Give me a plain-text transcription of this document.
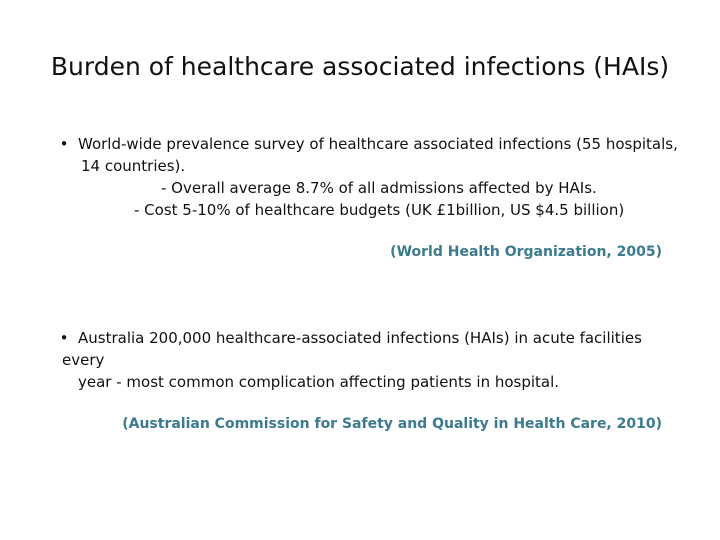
Burden of healthcare associated infections (HAIs)
• World-wide prevalence survey of healthcare associated infections (55 hospitals,
14 countries).
- Overall average 8.7% of all admissions affected by HAIs.
- Cost 5-10% of healthcare budgets (UK £1billion, US $4.5 billion)
(World Health Organization, 2005)
• Australia 200,000 healthcare-associated infections (HAIs) in acute facilities
every
year - most common complication affecting patients in hospital.
(Australian Commission for Safety and Quality in Health Care, 2010)
